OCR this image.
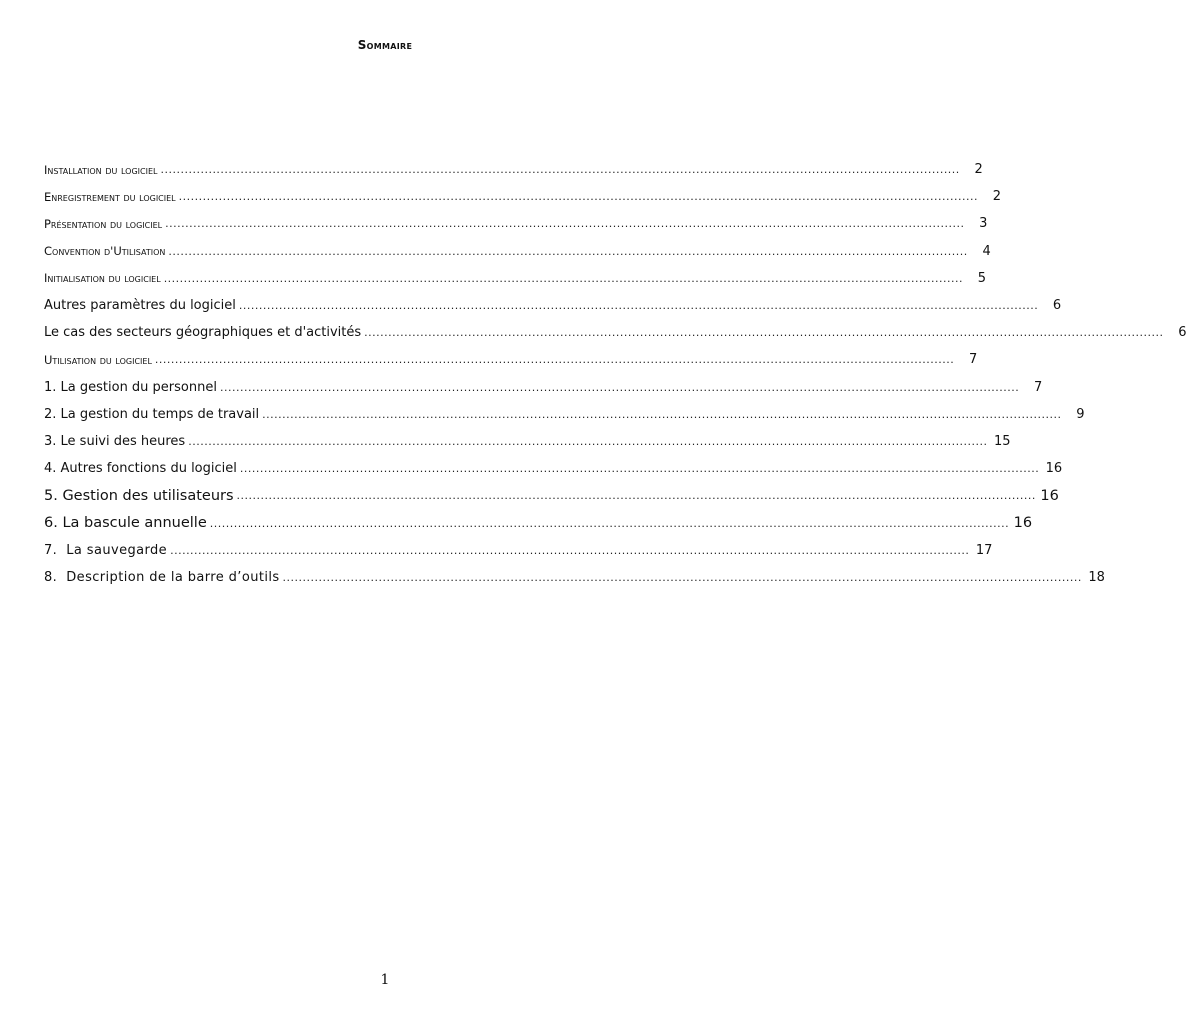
Sommaire
Installation du logiciel ........................................................................................................................................................................................................	2
Enregistrement du logiciel ........................................................................................................................................................................................................	2
Présentation du logiciel ........................................................................................................................................................................................................	3
Convention d'Utilisation ........................................................................................................................................................................................................	4
Initialisation du logiciel ........................................................................................................................................................................................................	5
Autres paramètres du logiciel ........................................................................................................................................................................................................	6
Le cas des secteurs géographiques et d'activités ........................................................................................................................................................................................................	6
Utilisation du logiciel ........................................................................................................................................................................................................	7
1. La gestion du personnel ........................................................................................................................................................................................................	7
2. La gestion du temps de travail ........................................................................................................................................................................................................	9
3. Le suivi des heures ........................................................................................................................................................................................................ 15
4. Autres fonctions du logiciel ........................................................................................................................................................................................................ 16
5. Gestion des utilisateurs ........................................................................................................................................................................................................ 16
6. La bascule annuelle ........................................................................................................................................................................................................ 16
7.  La sauvegarde ........................................................................................................................................................................................................ 17
8.  Description de la barre d’outils ........................................................................................................................................................................................................ 18
1
